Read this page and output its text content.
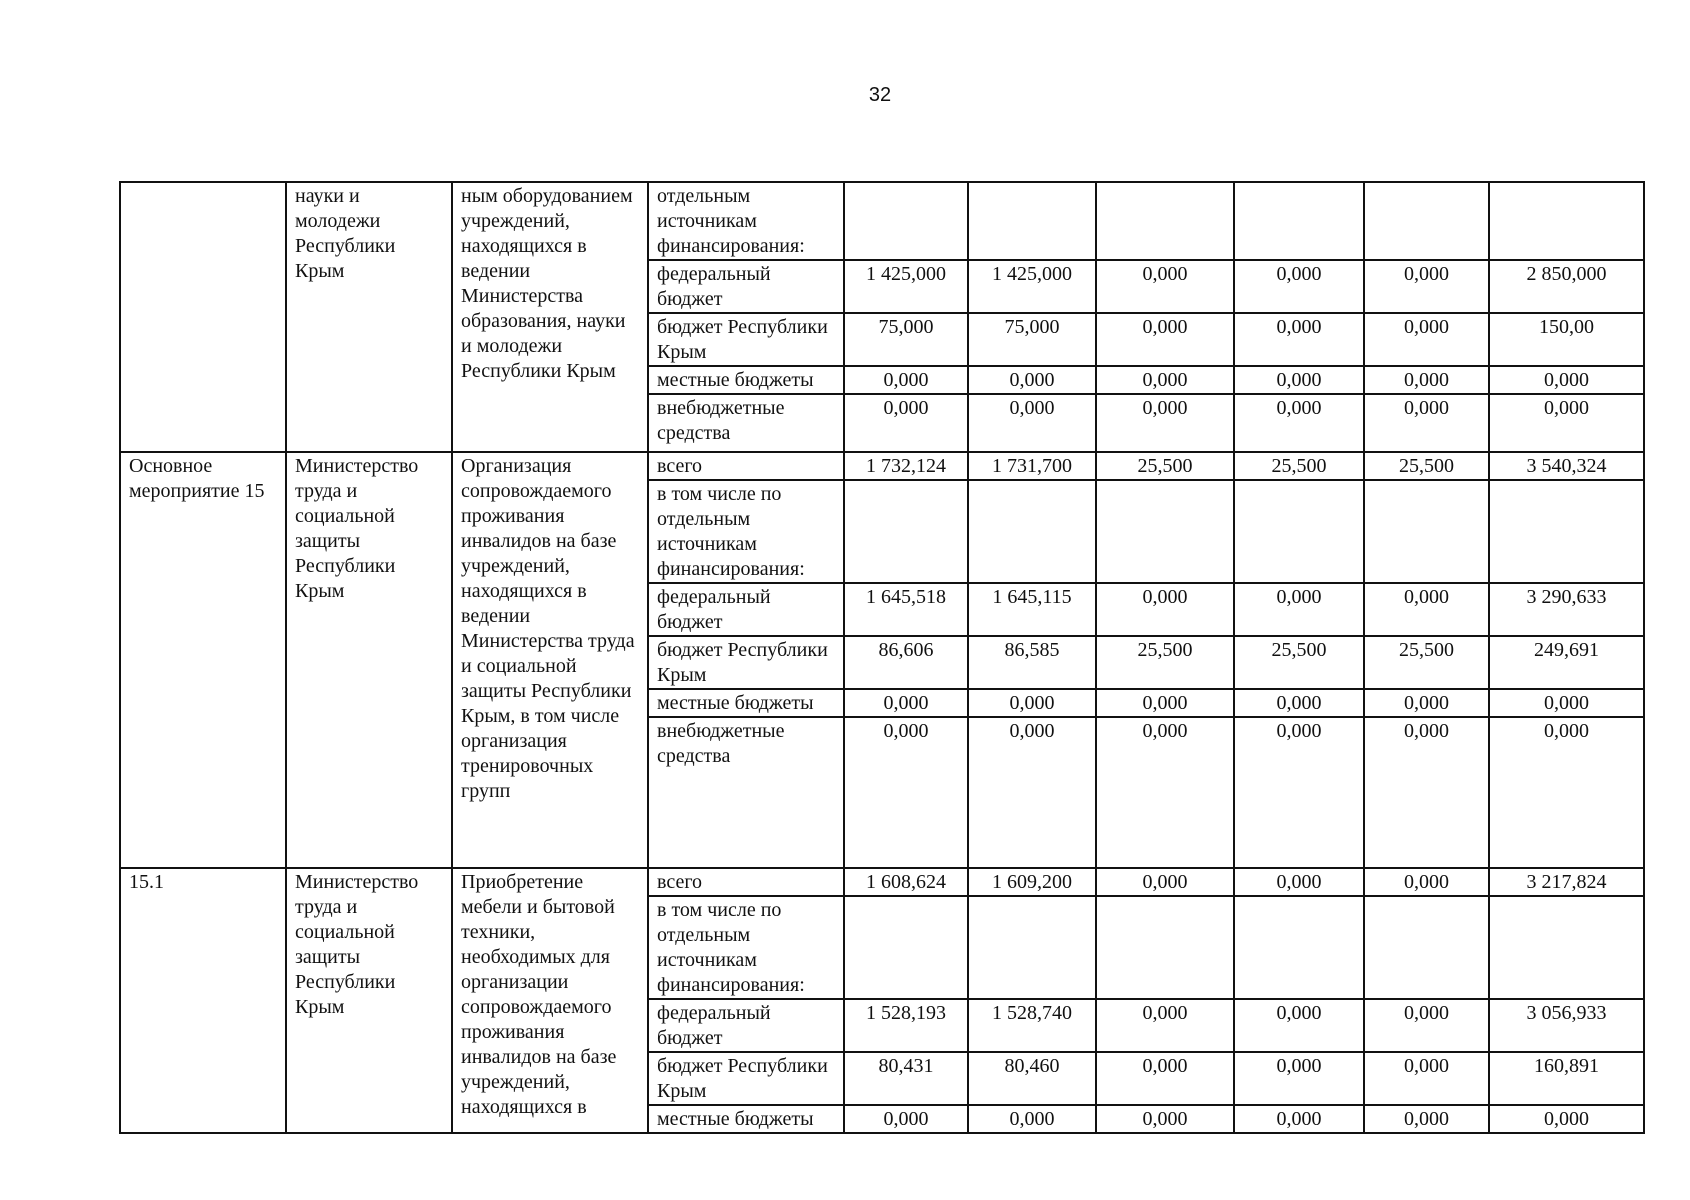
32
	науки и молодежи Республики Крым	ным оборудованием учреждений, находящихся в ведении Министерства образования, науки и молодежи Республики Крым	отдельным источникам финансирования:						
			федеральный бюджет	1 425,000	1 425,000	0,000	0,000	0,000	2 850,000
			бюджет Республики Крым	75,000	75,000	0,000	0,000	0,000	150,00
			местные бюджеты	0,000	0,000	0,000	0,000	0,000	0,000
			внебюджетные средства	0,000	0,000	0,000	0,000	0,000	0,000
Основное мероприятие 15	Министерство труда и социальной защиты Республики Крым	Организация сопровождаемого проживания инвалидов на базе учреждений, находящихся в ведении Министерства труда и социальной защиты Республики Крым, в том числе организация тренировочных групп	всего	1 732,124	1 731,700	25,500	25,500	25,500	3 540,324
			в том числе по отдельным источникам финансирования:						
			федеральный бюджет	1 645,518	1 645,115	0,000	0,000	0,000	3 290,633
			бюджет Республики Крым	86,606	86,585	25,500	25,500	25,500	249,691
			местные бюджеты	0,000	0,000	0,000	0,000	0,000	0,000
			внебюджетные средства	0,000	0,000	0,000	0,000	0,000	0,000
15.1	Министерство труда и социальной защиты Республики Крым	Приобретение мебели и бытовой техники, необходимых для организации сопровождаемого проживания инвалидов на базе учреждений, находящихся в	всего	1 608,624	1 609,200	0,000	0,000	0,000	3 217,824
			в том числе по отдельным источникам финансирования:						
			федеральный бюджет	1 528,193	1 528,740	0,000	0,000	0,000	3 056,933
			бюджет Республики Крым	80,431	80,460	0,000	0,000	0,000	160,891
			местные бюджеты	0,000	0,000	0,000	0,000	0,000	0,000
